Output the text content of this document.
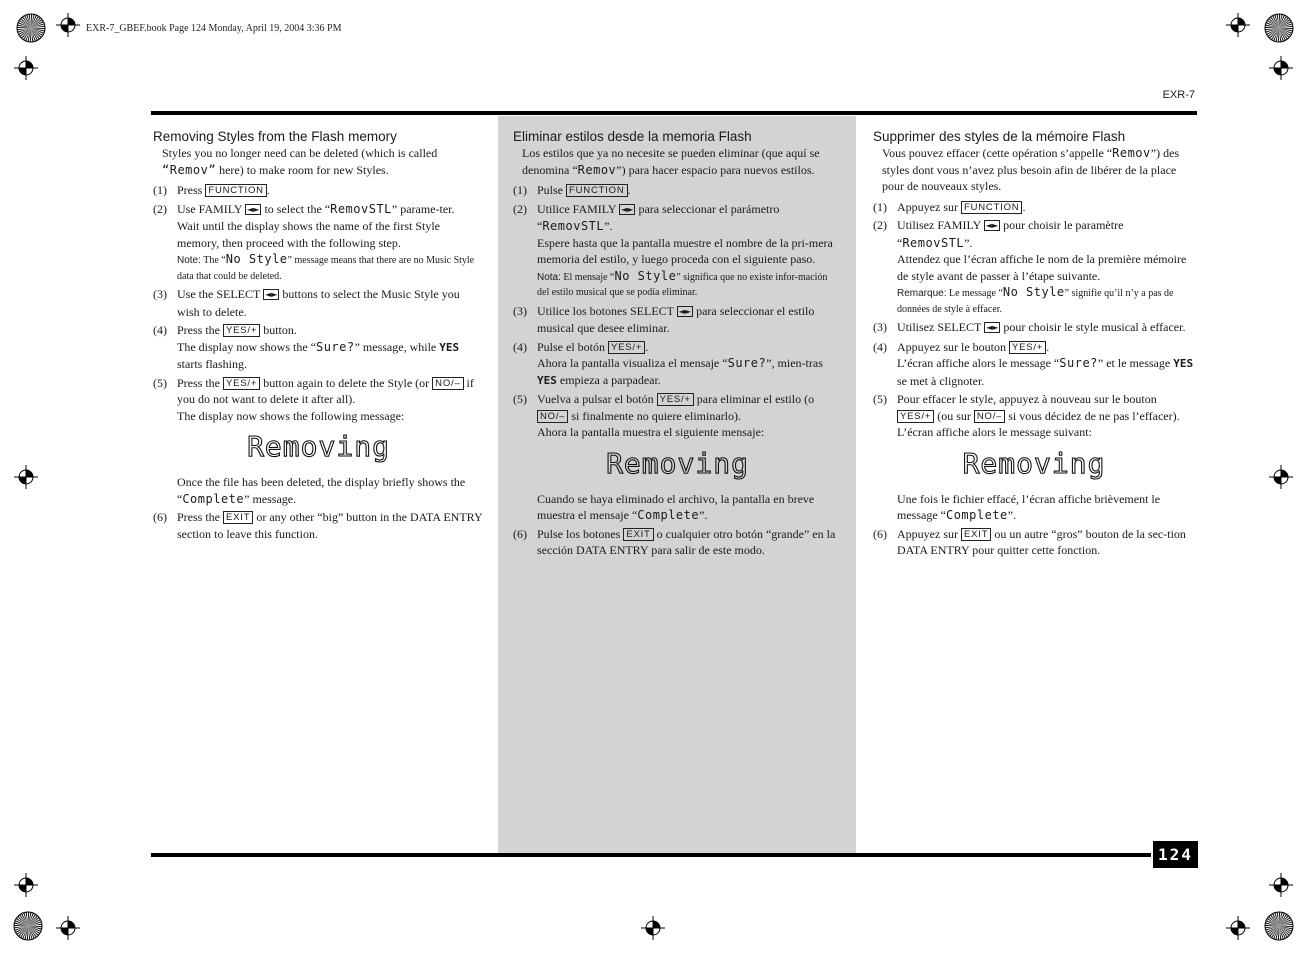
EXR-7_GBEF.book Page 124 Monday, April 19, 2004 3:36 PM
EXR-7
124
Removing Styles from the Flash memory

Styles you no longer need can be deleted (which is called “Remov” here) to make room for new Styles.

(1) Press FUNCTION .
(2) Use FAMILY ◄► to select the “RemovSTL” parame-ter.
Wait until the display shows the name of the first Style memory, then proceed with the following step.
Note: The “No Style” message means that there are no Music Style data that could be deleted.
(3) Use the SELECT ◄► buttons to select the Music Style you wish to delete.
(4) Press the YES/+ button.
The display now shows the “Sure?” message, while YES starts flashing.
(5) Press the YES/+ button again to delete the Style (or NO/– if you do not want to delete it after all).
The display now shows the following message:
Removing
Once the file has been deleted, the display briefly shows the “Complete” message.
(6) Press the EXIT or any other “big” button in the DATA ENTRY section to leave this function.
Eliminar estilos desde la memoria Flash

Los estilos que ya no necesite se pueden eliminar (que aquí se denomina “Remov”) para hacer espacio para nuevos estilos.

(1) Pulse FUNCTION .
(2) Utilice FAMILY ◄► para seleccionar el parámetro “RemovSTL”.
Espere hasta que la pantalla muestre el nombre de la pri-mera memoria del estilo, y luego proceda con el siguiente paso.
Nota: El mensaje “No Style” significa que no existe infor-mación del estilo musical que se podía eliminar.
(3) Utilice los botones SELECT ◄► para seleccionar el estilo musical que desee eliminar.
(4) Pulse el botón YES/+ .
Ahora la pantalla visualiza el mensaje “Sure?”, mien-tras YES empieza a parpadear.
(5) Vuelva a pulsar el botón YES/+ para eliminar el estilo (o NO/– si finalmente no quiere eliminarlo).
Ahora la pantalla muestra el siguiente mensaje:
Removing
Cuando se haya eliminado el archivo, la pantalla en breve muestra el mensaje “Complete”.
(6) Pulse los botones EXIT o cualquier otro botón “grande” en la sección DATA ENTRY para salir de este modo.
Supprimer des styles de la mémoire Flash

Vous pouvez effacer (cette opération s’appelle “Remov”) des styles dont vous n’avez plus besoin afin de libérer de la place pour de nouveaux styles.

(1) Appuyez sur FUNCTION .
(2) Utilisez FAMILY ◄► pour choisir le paramètre “RemovSTL”.
Attendez que l’écran affiche le nom de la première mémoire de style avant de passer à l’étape suivante.
Remarque: Le message “No Style” signifie qu’il n’y a pas de données de style à effacer.
(3) Utilisez SELECT ◄► pour choisir le style musical à effacer.
(4) Appuyez sur le bouton YES/+ .
L’écran affiche alors le message “Sure?” et le message YES se met à clignoter.
(5) Pour effacer le style, appuyez à nouveau sur le bouton YES/+ (ou sur NO/– si vous décidez de ne pas l’effacer).
L’écran affiche alors le message suivant:
Removing
Une fois le fichier effacé, l’écran affiche brièvement le message “Complete”.
(6) Appuyez sur EXIT ou un autre “gros” bouton de la sec-tion DATA ENTRY pour quitter cette fonction.
